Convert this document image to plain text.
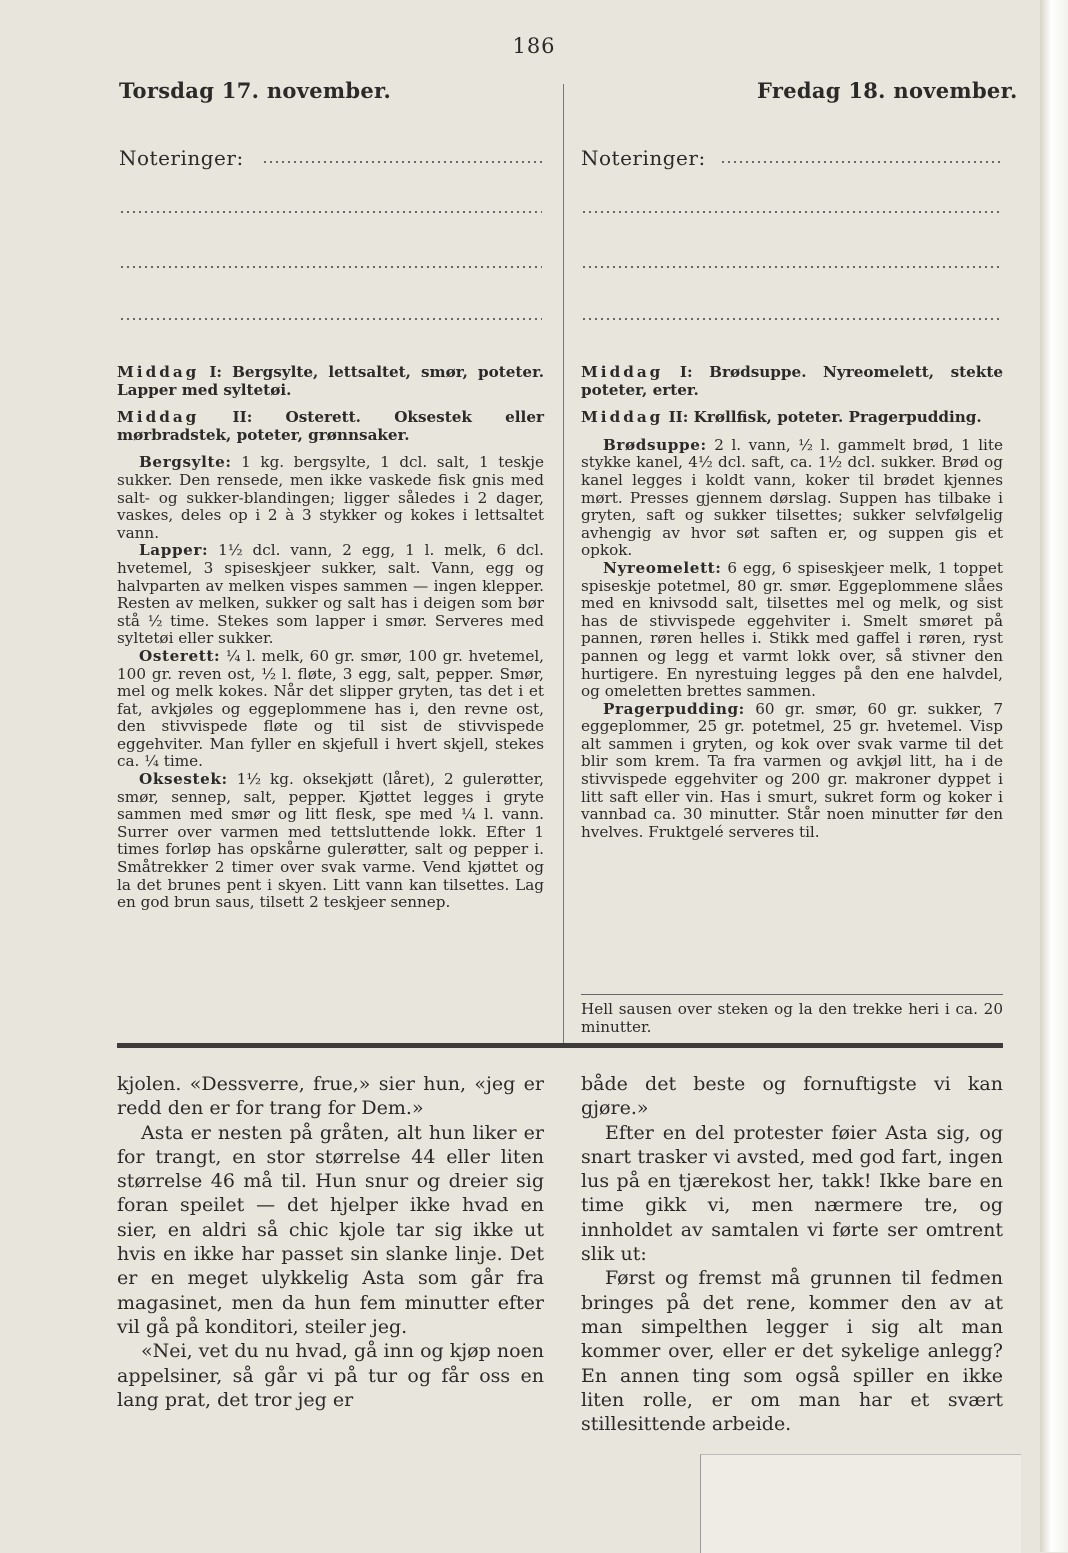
186
Torsdag 17. november.	Fredag 18. november.
Noteringer:	Noteringer:

Middag I: Bergsylte, lettsaltet, smør, poteter. Lapper med syltetøi.

Middag II: Osterett. Oksestek eller mørbradstek, poteter, grønnsaker.

Bergsylte: 1 kg. bergsylte, 1 dcl. salt, 1 teskje sukker. Den rensede, men ikke vaskede fisk gnis med salt- og sukker-blandingen; ligger således i 2 dager, vaskes, deles op i 2 à 3 stykker og kokes i lettsaltet vann.

Lapper: 1½ dcl. vann, 2 egg, 1 l. melk, 6 dcl. hvetemel, 3 spiseskjeer sukker, salt. Vann, egg og halvparten av melken vispes sammen — ingen klepper. Resten av melken, sukker og salt has i deigen som bør stå ½ time. Stekes som lapper i smør. Serveres med syltetøi eller sukker.

Osterett: ¼ l. melk, 60 gr. smør, 100 gr. hvetemel, 100 gr. reven ost, ½ l. fløte, 3 egg, salt, pepper. Smør, mel og melk kokes. Når det slipper gryten, tas det i et fat, avkjøles og eggeplommene has i, den revne ost, den stivvispede fløte og til sist de stivvispede eggehviter. Man fyller en skjefull i hvert skjell, stekes ca. ¼ time.

Oksestek: 1½ kg. oksekjøtt (låret), 2 gulerøtter, smør, sennep, salt, pepper. Kjøttet legges i gryte sammen med smør og litt flesk, spe med ¼ l. vann. Surrer over varmen med tettsluttende lokk. Efter 1 times forløp has opskårne gulerøtter, salt og pepper i. Småtrekker 2 timer over svak varme. Vend kjøttet og la det brunes pent i skyen. Litt vann kan tilsettes. Lag en god brun saus, tilsett 2 teskjeer sennep.

Middag I: Brødsuppe. Nyreomelett, stekte poteter, erter.

Middag II: Krøllfisk, poteter. Pragerpudding.

Brødsuppe: 2 l. vann, ½ l. gammelt brød, 1 lite stykke kanel, 4½ dcl. saft, ca. 1½ dcl. sukker. Brød og kanel legges i koldt vann, koker til brødet kjennes mørt. Presses gjennem dørslag. Suppen has tilbake i gryten, saft og sukker tilsettes; sukker selvfølgelig avhengig av hvor søt saften er, og suppen gis et opkok.

Nyreomelett: 6 egg, 6 spiseskjeer melk, 1 toppet spiseskje potetmel, 80 gr. smør. Eggeplommene slåes med en knivsodd salt, tilsettes mel og melk, og sist has de stivvispede eggehviter i. Smelt smøret på pannen, røren helles i. Stikk med gaffel i røren, ryst pannen og legg et varmt lokk over, så stivner den hurtigere. En nyrestuing legges på den ene halvdel, og omeletten brettes sammen.

Pragerpudding: 60 gr. smør, 60 gr. sukker, 7 eggeplommer, 25 gr. potetmel, 25 gr. hvetemel. Visp alt sammen i gryten, og kok over svak varme til det blir som krem. Ta fra varmen og avkjøl litt, ha i de stivvispede eggehviter og 200 gr. makroner dyppet i litt saft eller vin. Has i smurt, sukret form og koker i vannbad ca. 30 minutter. Står noen minutter før den hvelves. Fruktgelé serveres til.

Hell sausen over steken og la den trekke heri i ca. 20 minutter.

kjolen. «Dessverre, frue,» sier hun, «jeg er redd den er for trang for Dem.»

Asta er nesten på gråten, alt hun liker er for trangt, en stor størrelse 44 eller liten størrelse 46 må til. Hun snur og dreier sig foran speilet — det hjelper ikke hvad en sier, en aldri så chic kjole tar sig ikke ut hvis en ikke har passet sin slanke linje. Det er en meget ulykkelig Asta som går fra magasinet, men da hun fem minutter efter vil gå på konditori, steiler jeg.

«Nei, vet du nu hvad, gå inn og kjøp noen appelsiner, så går vi på tur og får oss en lang prat, det tror jeg er

både det beste og fornuftigste vi kan gjøre.»

Efter en del protester føier Asta sig, og snart trasker vi avsted, med god fart, ingen lus på en tjærekost her, takk! Ikke bare en time gikk vi, men nærmere tre, og innholdet av samtalen vi førte ser omtrent slik ut:

Først og fremst må grunnen til fedmen bringes på det rene, kommer den av at man simpelthen legger i sig alt man kommer over, eller er det sykelige anlegg? En annen ting som også spiller en ikke liten rolle, er om man har et svært stillesittende arbeide.
